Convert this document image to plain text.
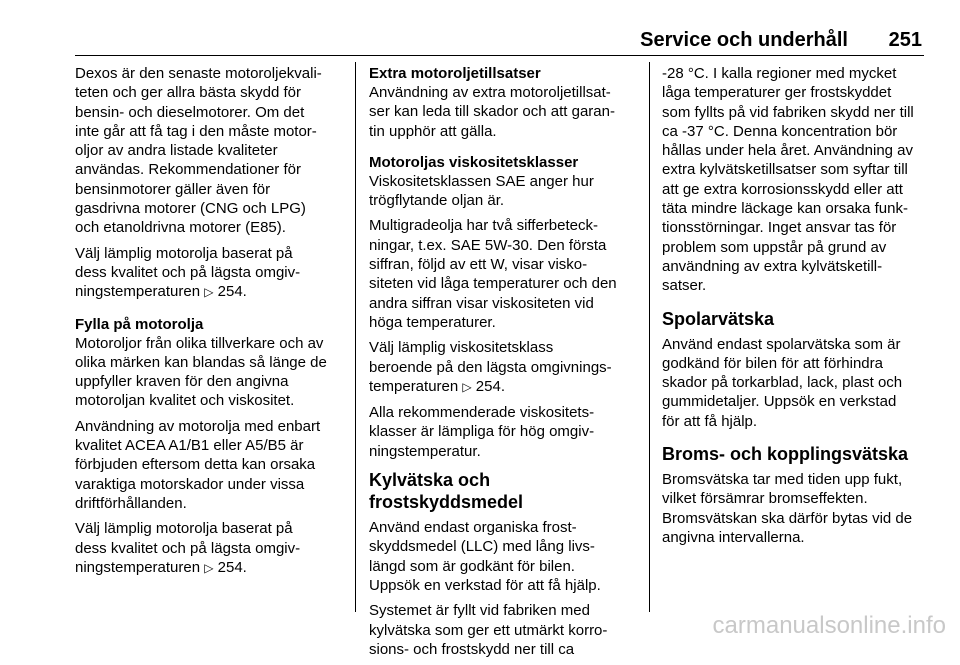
Service och underhåll 251

Dexos är den senaste motoroljekvali-
teten och ger allra bästa skydd för
bensin- och dieselmotorer. Om det
inte går att få tag i den måste motor-
oljor av andra listade kvaliteter
användas. Rekommendationer för
bensinmotorer gäller även för
gasdrivna motorer (CNG och LPG)
och etanoldrivna motorer (E85).

Välj lämplig motorolja baserat på
dess kvalitet och på lägsta omgiv-
ningstemperaturen ▷ 254.

Fylla på motorolja

Motoroljor från olika tillverkare och av
olika märken kan blandas så länge de
uppfyller kraven för den angivna
motoroljan kvalitet och viskositet.

Användning av motorolja med enbart
kvalitet ACEA A1/B1 eller A5/B5 är
förbjuden eftersom detta kan orsaka
varaktiga motorskador under vissa
driftförhållanden.

Välj lämplig motorolja baserat på
dess kvalitet och på lägsta omgiv-
ningstemperaturen ▷ 254.

Extra motoroljetillsatser

Användning av extra motoroljetillsat-
ser kan leda till skador och att garan-
tin upphör att gälla.

Motoroljas viskositetsklasser

Viskositetsklassen SAE anger hur
trögflytande oljan är.

Multigradeolja har två sifferbeteck-
ningar, t.ex. SAE 5W-30. Den första
siffran, följd av ett W, visar visko-
siteten vid låga temperaturer och den
andra siffran visar viskositeten vid
höga temperaturer.

Välj lämplig viskositetsklass
beroende på den lägsta omgivnings-
temperaturen ▷ 254.

Alla rekommenderade viskositets-
klasser är lämpliga för hög omgiv-
ningstemperatur.

Kylvätska och frostskyddsmedel

Använd endast organiska frost-
skyddsmedel (LLC) med lång livs-
längd som är godkänt för bilen.
Uppsök en verkstad för att få hjälp.

Systemet är fyllt vid fabriken med
kylvätska som ger ett utmärkt korro-
sions- och frostskydd ner till ca

-28 °C. I kalla regioner med mycket
låga temperaturer ger frostskyddet
som fyllts på vid fabriken skydd ner till
ca -37 °C. Denna koncentration bör
hållas under hela året. Användning av
extra kylvätsketillsatser som syftar till
att ge extra korrosionsskydd eller att
täta mindre läckage kan orsaka funk-
tionsstörningar. Inget ansvar tas för
problem som uppstår på grund av
användning av extra kylvätsketill-
satser.

Spolarvätska

Använd endast spolarvätska som är
godkänd för bilen för att förhindra
skador på torkarblad, lack, plast och
gummidetaljer. Uppsök en verkstad
för att få hjälp.

Broms- och kopplingsvätska

Bromsvätska tar med tiden upp fukt,
vilket försämrar bromseffekten.
Bromsvätskan ska därför bytas vid de
angivna intervallerna.

carmanualsonline.info
